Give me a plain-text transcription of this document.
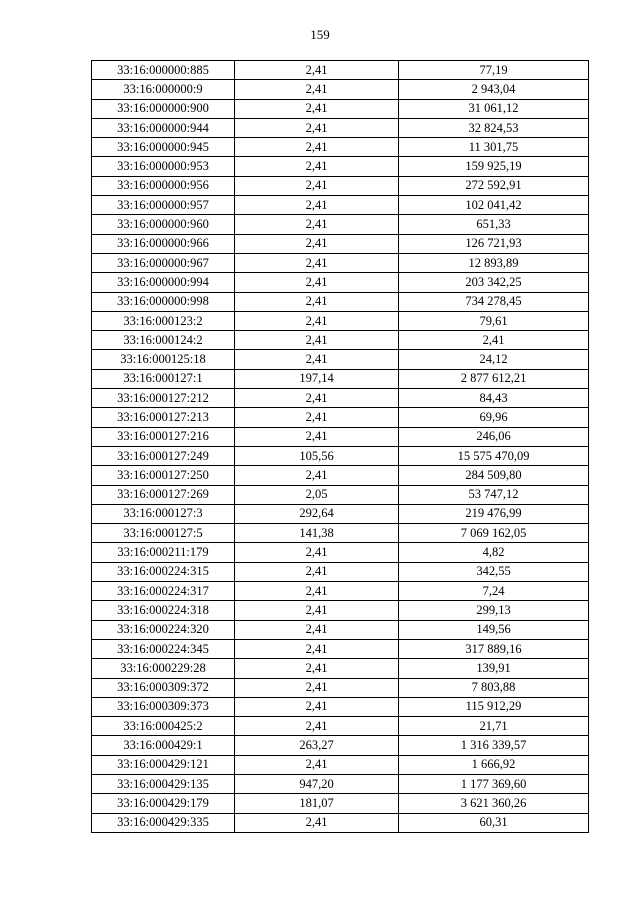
159
33:16:000000:885	2,41	77,19
33:16:000000:9	2,41	2 943,04
33:16:000000:900	2,41	31 061,12
33:16:000000:944	2,41	32 824,53
33:16:000000:945	2,41	11 301,75
33:16:000000:953	2,41	159 925,19
33:16:000000:956	2,41	272 592,91
33:16:000000:957	2,41	102 041,42
33:16:000000:960	2,41	651,33
33:16:000000:966	2,41	126 721,93
33:16:000000:967	2,41	12 893,89
33:16:000000:994	2,41	203 342,25
33:16:000000:998	2,41	734 278,45
33:16:000123:2	2,41	79,61
33:16:000124:2	2,41	2,41
33:16:000125:18	2,41	24,12
33:16:000127:1	197,14	2 877 612,21
33:16:000127:212	2,41	84,43
33:16:000127:213	2,41	69,96
33:16:000127:216	2,41	246,06
33:16:000127:249	105,56	15 575 470,09
33:16:000127:250	2,41	284 509,80
33:16:000127:269	2,05	53 747,12
33:16:000127:3	292,64	219 476,99
33:16:000127:5	141,38	7 069 162,05
33:16:000211:179	2,41	4,82
33:16:000224:315	2,41	342,55
33:16:000224:317	2,41	7,24
33:16:000224:318	2,41	299,13
33:16:000224:320	2,41	149,56
33:16:000224:345	2,41	317 889,16
33:16:000229:28	2,41	139,91
33:16:000309:372	2,41	7 803,88
33:16:000309:373	2,41	115 912,29
33:16:000425:2	2,41	21,71
33:16:000429:1	263,27	1 316 339,57
33:16:000429:121	2,41	1 666,92
33:16:000429:135	947,20	1 177 369,60
33:16:000429:179	181,07	3 621 360,26
33:16:000429:335	2,41	60,31
